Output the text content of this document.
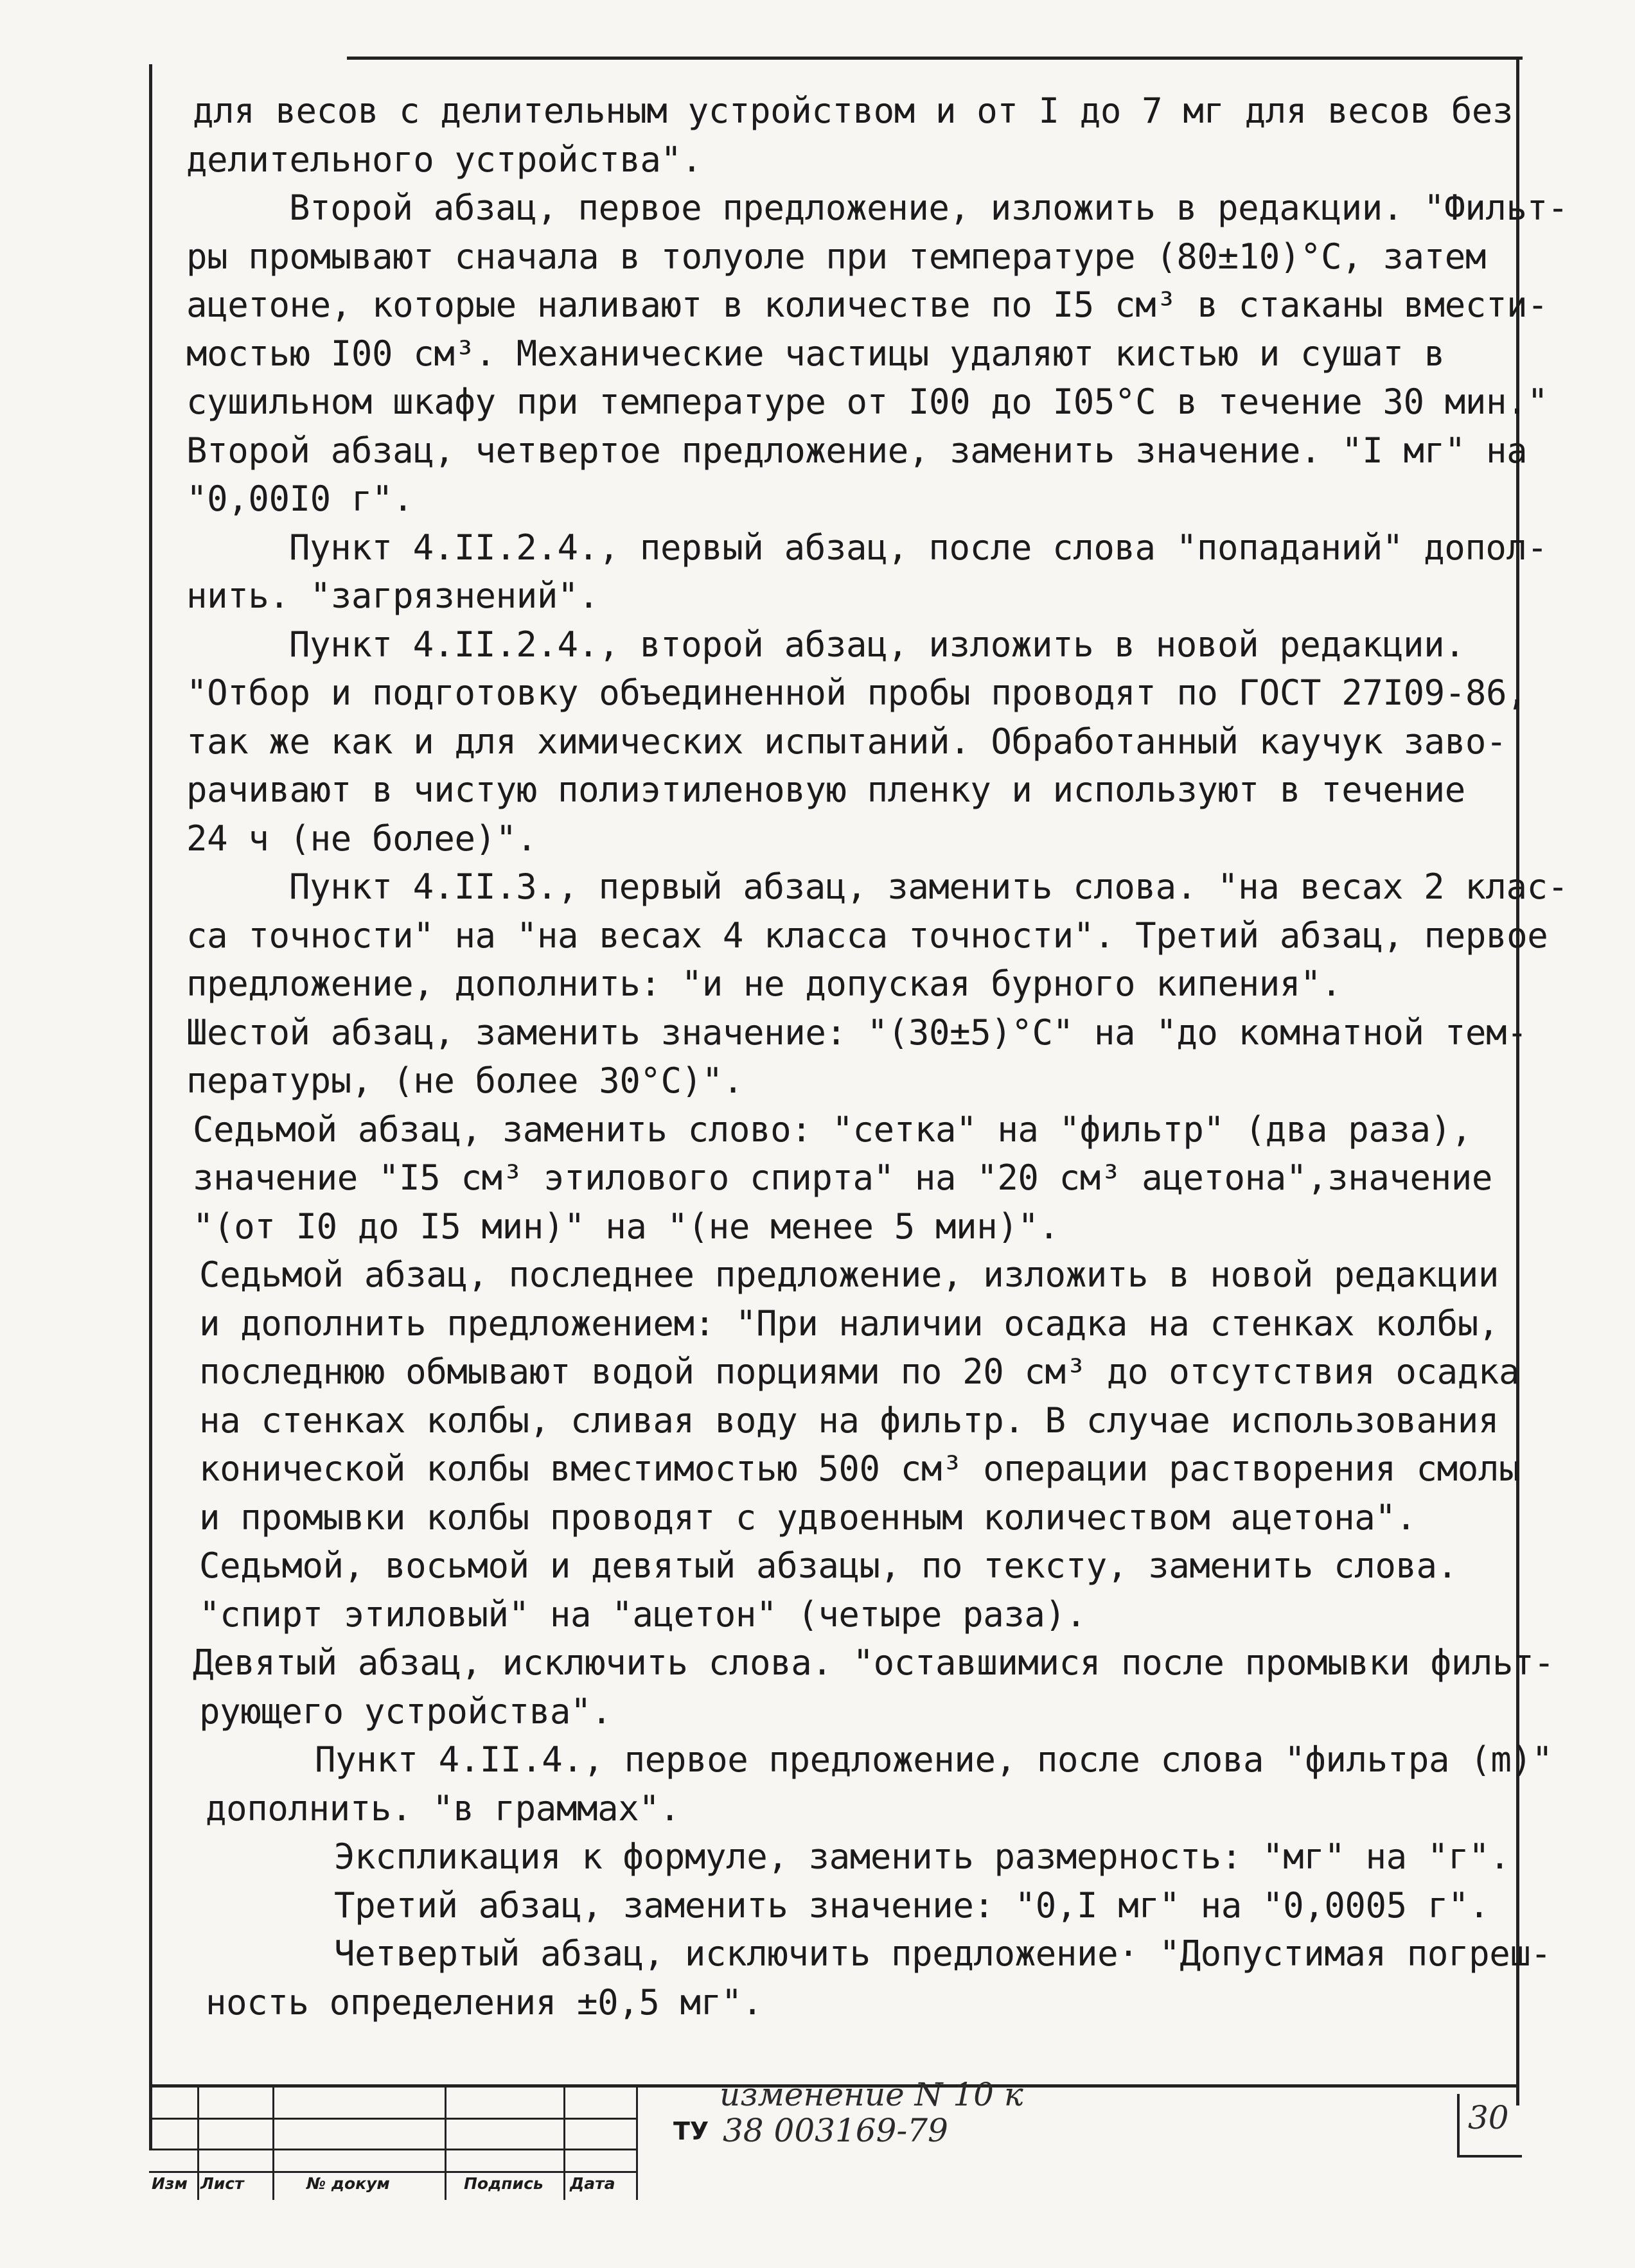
для весов с делительным устройством и от I до 7 мг для весов без
делительного устройства".
Второй абзац, первое предложение, изложить в редакции. "Фильт-
ры промывают сначала в толуоле при температуре (80±10)°С, затем
ацетоне, которые наливают в количестве по I5 см³ в стаканы вмести-
мостью I00 см³. Механические частицы удаляют кистью и сушат в
сушильном шкафу при температуре от I00 до I05°С в течение 30 мин."
Второй абзац, четвертое предложение, заменить значение. "I мг" на
"0,00I0 г".
Пункт 4.II.2.4., первый абзац, после слова "попаданий" допол-
нить. "загрязнений".
Пункт 4.II.2.4., второй абзац, изложить в новой редакции.
"Отбор и подготовку объединенной пробы проводят по ГОСТ 27I09-86,
так же как и для химических испытаний. Обработанный каучук заво-
рачивают в чистую полиэтиленовую пленку и используют в течение
24 ч (не более)".
Пункт 4.II.3., первый абзац, заменить слова. "на весах 2 клас-
са точности" на "на весах 4 класса точности". Третий абзац, первое
предложение, дополнить: "и не допуская бурного кипения".
Шестой абзац, заменить значение: "(30±5)°С" на "до комнатной тем-
пературы, (не более 30°С)".
Седьмой абзац, заменить слово: "сетка" на "фильтр" (два раза),
значение "I5 см³ этилового спирта" на "20 см³ ацетона",значение
"(от I0 до I5 мин)" на "(не менее 5 мин)".
Седьмой абзац, последнее предложение, изложить в новой редакции
и дополнить предложением: "При наличии осадка на стенках колбы,
последнюю обмывают водой порциями по 20 см³ до отсутствия осадка
на стенках колбы, сливая воду на фильтр. В случае использования
конической колбы вместимостью 500 см³ операции растворения смолы
и промывки колбы проводят с удвоенным количеством ацетона".
Седьмой, восьмой и девятый абзацы, по тексту, заменить слова.
"спирт этиловый" на "ацетон" (четыре раза).
Девятый абзац, исключить слова. "оставшимися после промывки фильт-
рующего устройства".
Пункт 4.II.4., первое предложение, после слова "фильтра (m)"
дополнить. "в граммах".
Экспликация к формуле, заменить размерность: "мг" на "г".
Третий абзац, заменить значение: "0,I мг" на "0,0005 г".
Четвертый абзац, исключить предложение· "Допустимая погреш-
ность определения ±0,5 мг".
Изм Лист	№ докум	Подпись Дата
изменение N 10 к
ТУ 38 003169-79	30
